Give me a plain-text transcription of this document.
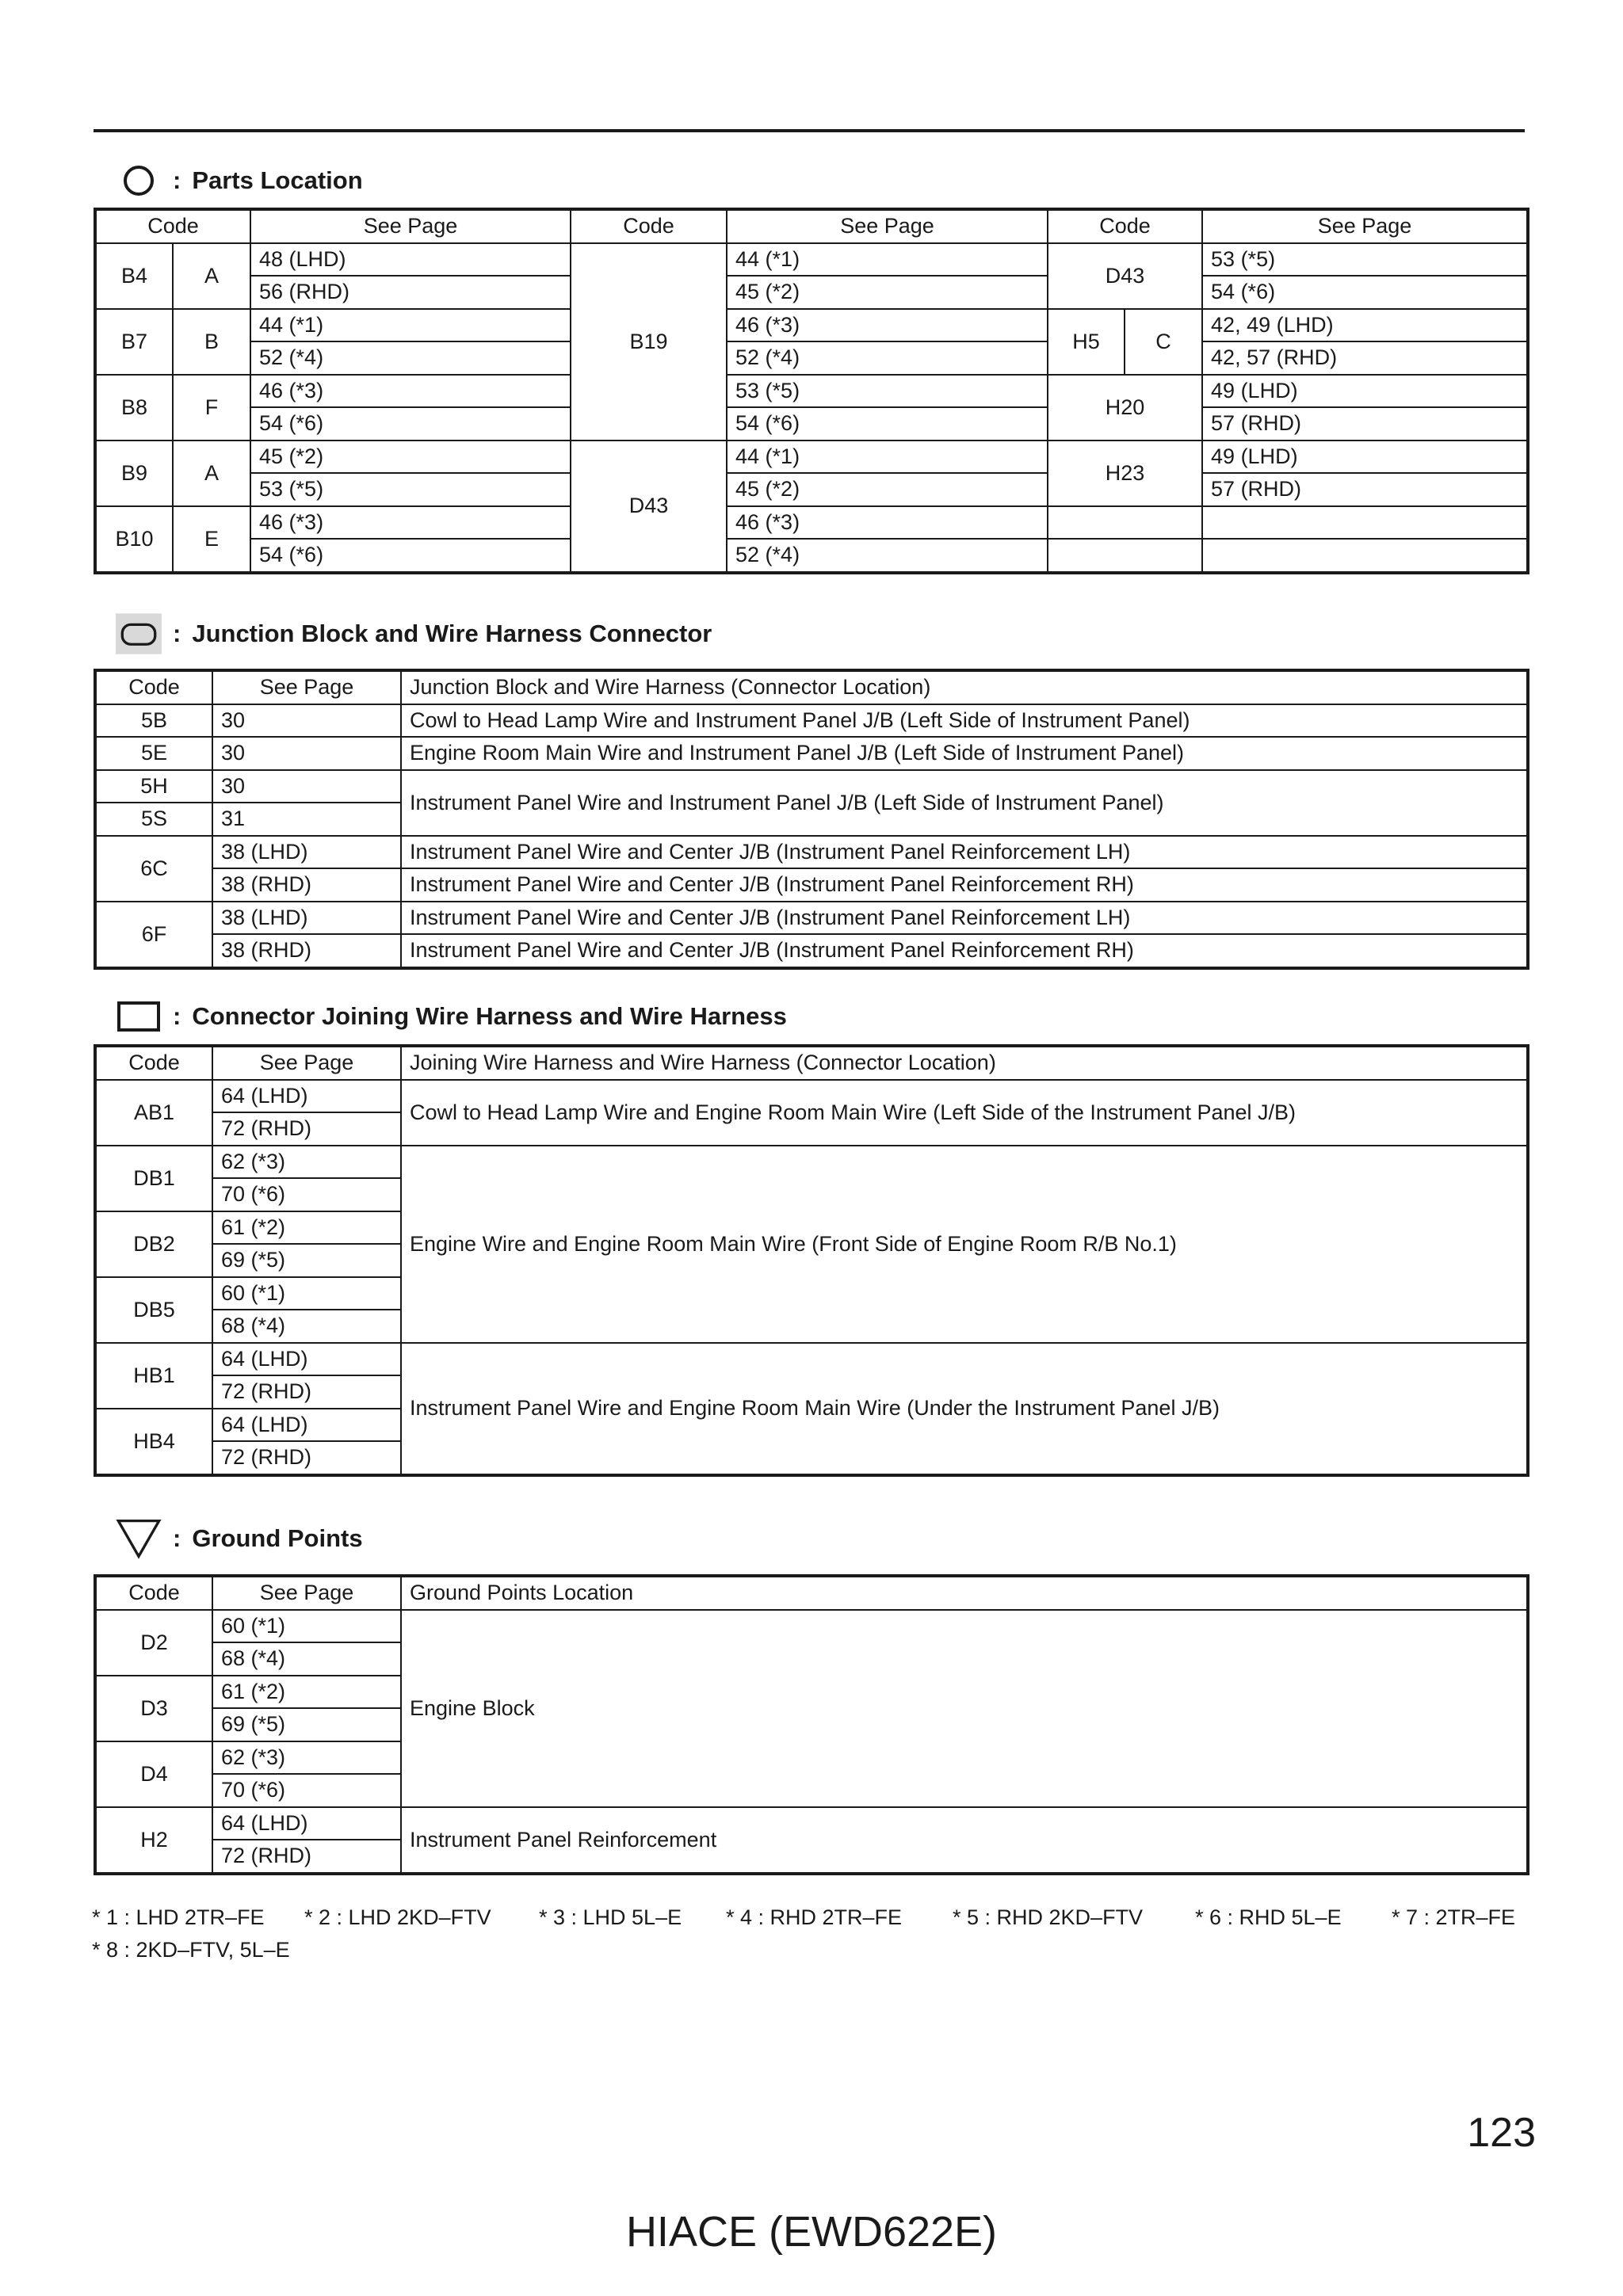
: Parts Location
Code		See Page	Code	See Page	Code		See Page
B4	A	48 (LHD)	B19	44 (*1)	D43		53 (*5)
		56 (RHD)		45 (*2)			54 (*6)
B7	B	44 (*1)		46 (*3)	H5	C	42, 49 (LHD)
		52 (*4)		52 (*4)			42, 57 (RHD)
B8	F	46 (*3)		53 (*5)	H20		49 (LHD)
		54 (*6)		54 (*6)			57 (RHD)
B9	A	45 (*2)	D43	44 (*1)	H23		49 (LHD)
		53 (*5)		45 (*2)			57 (RHD)
B10	E	46 (*3)		46 (*3)			
		54 (*6)		52 (*4)			
: Junction Block and Wire Harness Connector
Code	See Page	Junction Block and Wire Harness (Connector Location)
5B	30	Cowl to Head Lamp Wire and Instrument Panel J/B (Left Side of Instrument Panel)
5E	30	Engine Room Main Wire and Instrument Panel J/B (Left Side of Instrument Panel)
5H	30	Instrument Panel Wire and Instrument Panel J/B (Left Side of Instrument Panel)
5S	31	
6C	38 (LHD)	Instrument Panel Wire and Center J/B (Instrument Panel Reinforcement LH)
	38 (RHD)	Instrument Panel Wire and Center J/B (Instrument Panel Reinforcement RH)
6F	38 (LHD)	Instrument Panel Wire and Center J/B (Instrument Panel Reinforcement LH)
	38 (RHD)	Instrument Panel Wire and Center J/B (Instrument Panel Reinforcement RH)
: Connector Joining Wire Harness and Wire Harness
Code	See Page	Joining Wire Harness and Wire Harness (Connector Location)
AB1	64 (LHD)	Cowl to Head Lamp Wire and Engine Room Main Wire (Left Side of the Instrument Panel J/B)
	72 (RHD)	
DB1	62 (*3)	Engine Wire and Engine Room Main Wire (Front Side of Engine Room R/B No.1)
	70 (*6)	
DB2	61 (*2)	
	69 (*5)	
DB5	60 (*1)	
	68 (*4)	
HB1	64 (LHD)	Instrument Panel Wire and Engine Room Main Wire (Under the Instrument Panel J/B)
	72 (RHD)	
HB4	64 (LHD)	
	72 (RHD)	
: Ground Points
Code	See Page	Ground Points Location
D2	60 (*1)	Engine Block
	68 (*4)	
D3	61 (*2)	
	69 (*5)	
D4	62 (*3)	
	70 (*6)	
H2	64 (LHD)	Instrument Panel Reinforcement
	72 (RHD)	
* 1 : LHD 2TR–FE	* 2 : LHD 2KD–FTV	* 3 : LHD 5L–E	* 4 : RHD 2TR–FE	* 5 : RHD 2KD–FTV	* 6 : RHD 5L–E	* 7 : 2TR–FE
* 8 : 2KD–FTV, 5L–E
123
HIACE (EWD622E)
